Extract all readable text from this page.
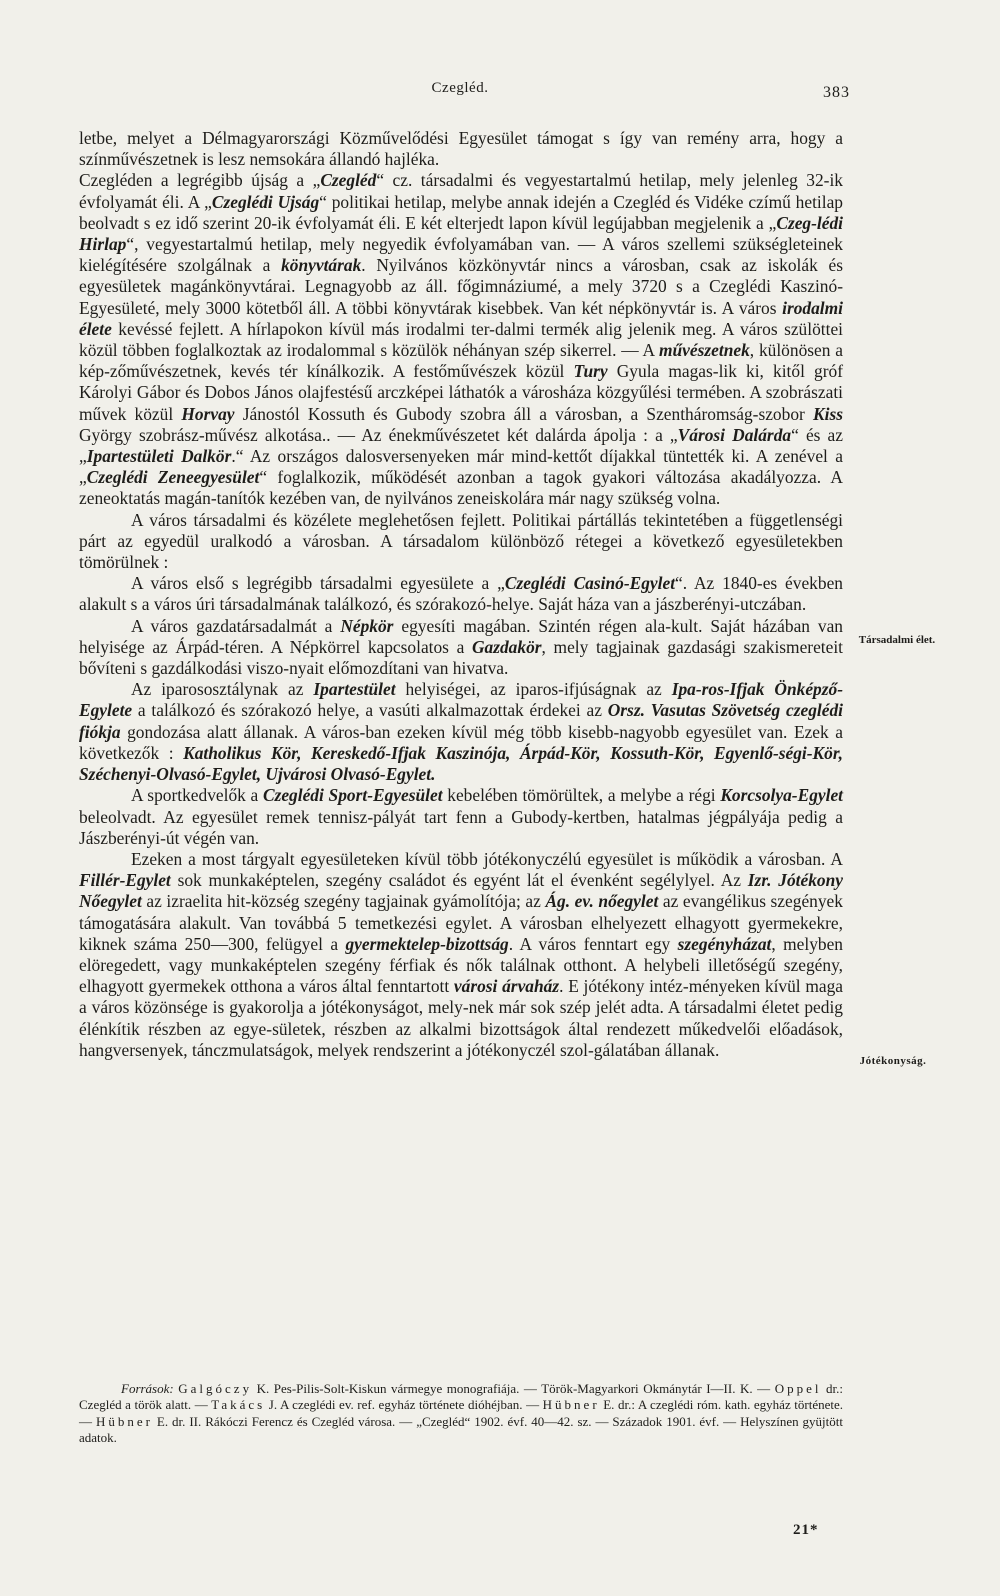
Czegléd.	383

letbe, melyet a Délmagyarországi Közművelődési Egyesület támogat s így van remény arra, hogy a színművészetnek is lesz nemsokára állandó hajléka.

Czegléden a legrégibb újság a „Czegléd“ cz. társadalmi és vegyestartalmú hetilap, mely jelenleg 32-ik évfolyamát éli. A „Czeglédi Ujság“ politikai hetilap, melybe annak idején a Czegléd és Vidéke czímű hetilap beolvadt s ez idő szerint 20-ik évfolyamát éli. E két elterjedt lapon kívül legújabban megjelenik a „Czeg-lédi Hirlap“, vegyestartalmú hetilap, mely negyedik évfolyamában van. — A város szellemi szükségleteinek kielégítésére szolgálnak a könyvtárak. Nyilvános közkönyvtár nincs a városban, csak az iskolák és egyesületek magánkönyvtárai. Legnagyobb az áll. főgimnáziumé, a mely 3720 s a Czeglédi Kaszinó-Egyesületé, mely 3000 kötetből áll. A többi könyvtárak kisebbek. Van két népkönyvtár is. A város irodalmi élete kevéssé fejlett. A hírlapokon kívül más irodalmi ter-dalmi termék alig jelenik meg. A város szülöttei közül többen foglalkoztak az irodalommal s közülök néhányan szép sikerrel. — A művészetnek, különösen a kép-zőművészetnek, kevés tér kínálkozik. A festőművészek közül Tury Gyula magas-lik ki, kitől gróf Károlyi Gábor és Dobos János olajfestésű arczképei láthatók a városháza közgyűlési termében. A szobrászati művek közül Horvay Jánostól Kossuth és Gubody szobra áll a városban, a Szentháromság-szobor Kiss György szobrász-művész alkotása.. — Az énekművészetet két dalárda ápolja : a „Városi Dalárda“ és az „Ipartestületi Dalkör.“ Az országos dalosversenyeken már mind-kettőt díjakkal tüntették ki. A zenével a „Czeglédi Zeneegyesület“ foglalkozik, működését azonban a tagok gyakori változása akadályozza. A zeneoktatás magán-tanítók kezében van, de nyilvános zeneiskolára már nagy szükség volna.

A város társadalmi és közélete meglehetősen fejlett. Politikai pártállás tekintetében a függetlenségi párt az egyedül uralkodó a városban. A társadalom különböző rétegei a következő egyesületekben tömörülnek :

A város első s legrégibb társadalmi egyesülete a „Czeglédi Casinó-Egylet“. Az 1840-es években alakult s a város úri társadalmának találkozó, és szórakozó-helye. Saját háza van a jászberényi-utczában.

A város gazdatársadalmát a Népkör egyesíti magában. Szintén régen ala-kult. Saját házában van helyisége az Árpád-téren. A Népkörrel kapcsolatos a Gazdakör, mely tagjainak gazdasági szakismereteit bővíteni s gazdálkodási viszo-nyait előmozdítani van hivatva.

Az iparososztálynak az Ipartestület helyiségei, az iparos-ifjúságnak az Ipa-ros-Ifjak Önképző-Egylete a találkozó és szórakozó helye, a vasúti alkalmazottak érdekei az Orsz. Vasutas Szövetség czeglédi fiókja gondozása alatt állanak. A város-ban ezeken kívül még több kisebb-nagyobb egyesület van. Ezek a következők : Katholikus Kör, Kereskedő-Ifjak Kaszinója, Árpád-Kör, Kossuth-Kör, Egyenlő-ségi-Kör, Széchenyi-Olvasó-Egylet, Ujvárosi Olvasó-Egylet.

A sportkedvelők a Czeglédi Sport-Egyesület kebelében tömörültek, a melybe a régi Korcsolya-Egylet beleolvadt. Az egyesület remek tennisz-pályát tart fenn a Gubody-kertben, hatalmas jégpályája pedig a Jászberényi-út végén van.

Ezeken a most tárgyalt egyesületeken kívül több jótékonyczélú egyesület is működik a városban. A Fillér-Egylet sok munkaképtelen, szegény családot és egyént lát el évenként segélylyel. Az Izr. Jótékony Nőegylet az izraelita hit-község szegény tagjainak gyámolítója; az Ág. ev. nőegylet az evangélikus szegények támogatására alakult. Van továbbá 5 temetkezési egylet. A városban elhelyezett elhagyott gyermekekre, kiknek száma 250—300, felügyel a gyermektelep-bizottság. A város fenntart egy szegényházat, melyben elöregedett, vagy munkaképtelen szegény férfiak és nők találnak otthont. A helybeli illetőségű szegény, elhagyott gyermekek otthona a város által fenntartott városi árvaház. E jótékony intéz-ményeken kívül maga a város közönsége is gyakorolja a jótékonyságot, mely-nek már sok szép jelét adta. A társadalmi életet pedig élénkítik részben az egye-sületek, részben az alkalmi bizottságok által rendezett műkedvelői előadások, hangversenyek, tánczmulatságok, melyek rendszerint a jótékonyczél szol-gálatában állanak.

Társadalmi élet.
Jótékonyság.

Források: Galgóczy K. Pes-Pilis-Solt-Kiskun vármegye monografiája. — Török-Magyarkori Okmánytár I—II. K. — Oppel dr.: Czegléd a török alatt. — Takács J. A czeglédi ev. ref. egyház története dióhéjban. — Hübner E. dr.: A czeglédi róm. kath. egyház története. — Hübner E. dr. II. Rákóczi Ferencz és Czegléd városa. — „Czegléd“ 1902. évf. 40—42. sz. — Századok 1901. évf. — Helyszínen gyüjtött adatok.

21*
